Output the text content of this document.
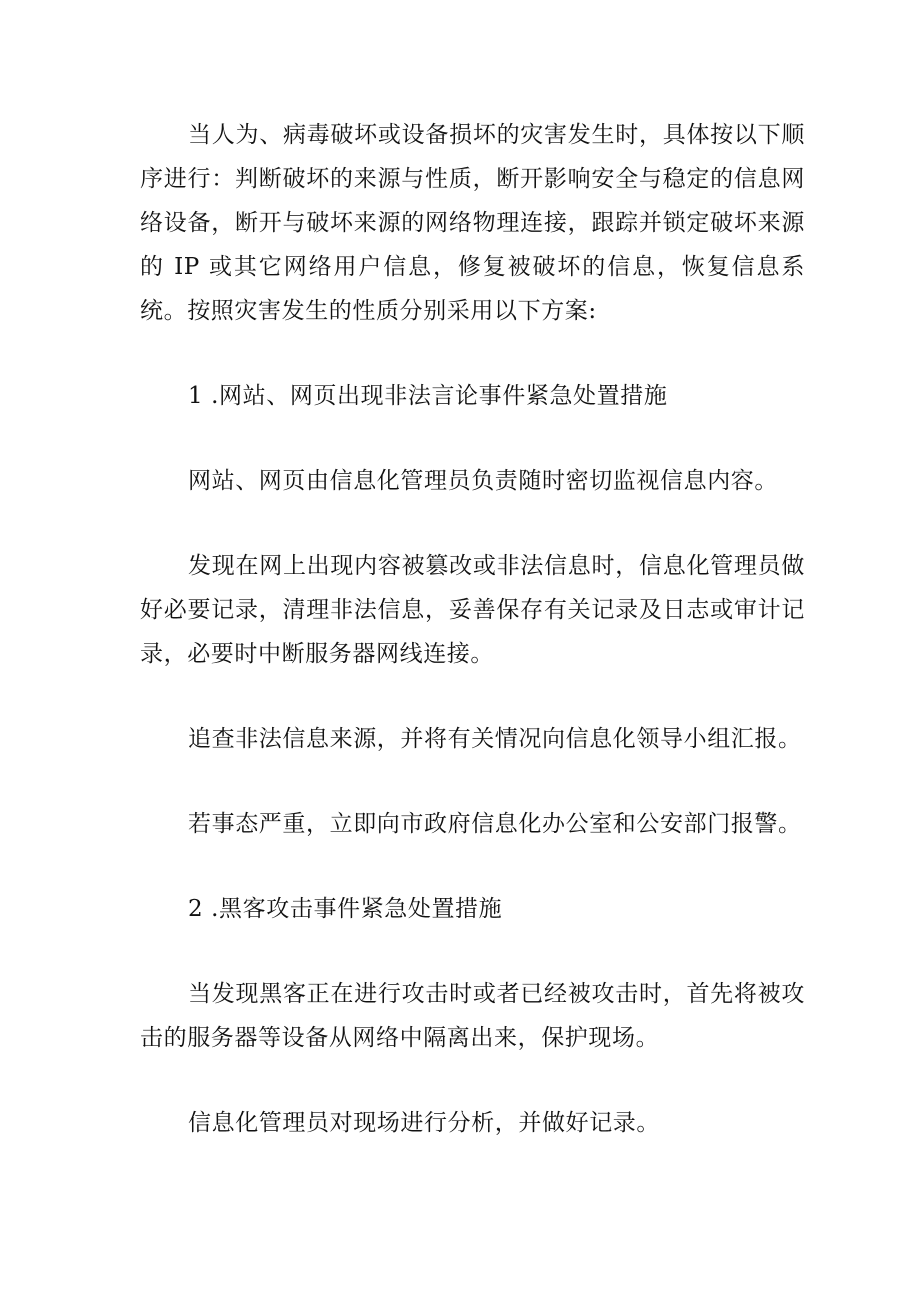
当人为、病毒破坏或设备损坏的灾害发生时，具体按以下顺序进行：判断破坏的来源与性质，断开影响安全与稳定的信息网络设备，断开与破坏来源的网络物理连接，跟踪并锁定破坏来源的 IP 或其它网络用户信息，修复被破坏的信息，恢复信息系统。按照灾害发生的性质分别采用以下方案:

1 .网站、网页出现非法言论事件紧急处置措施

网站、网页由信息化管理员负责随时密切监视信息内容。

发现在网上出现内容被篡改或非法信息时，信息化管理员做好必要记录，清理非法信息，妥善保存有关记录及日志或审计记录，必要时中断服务器网线连接。

追查非法信息来源，并将有关情况向信息化领导小组汇报。

若事态严重，立即向市政府信息化办公室和公安部门报警。

2 .黑客攻击事件紧急处置措施

当发现黑客正在进行攻击时或者已经被攻击时，首先将被攻击的服务器等设备从网络中隔离出来，保护现场。

信息化管理员对现场进行分析，并做好记录。
